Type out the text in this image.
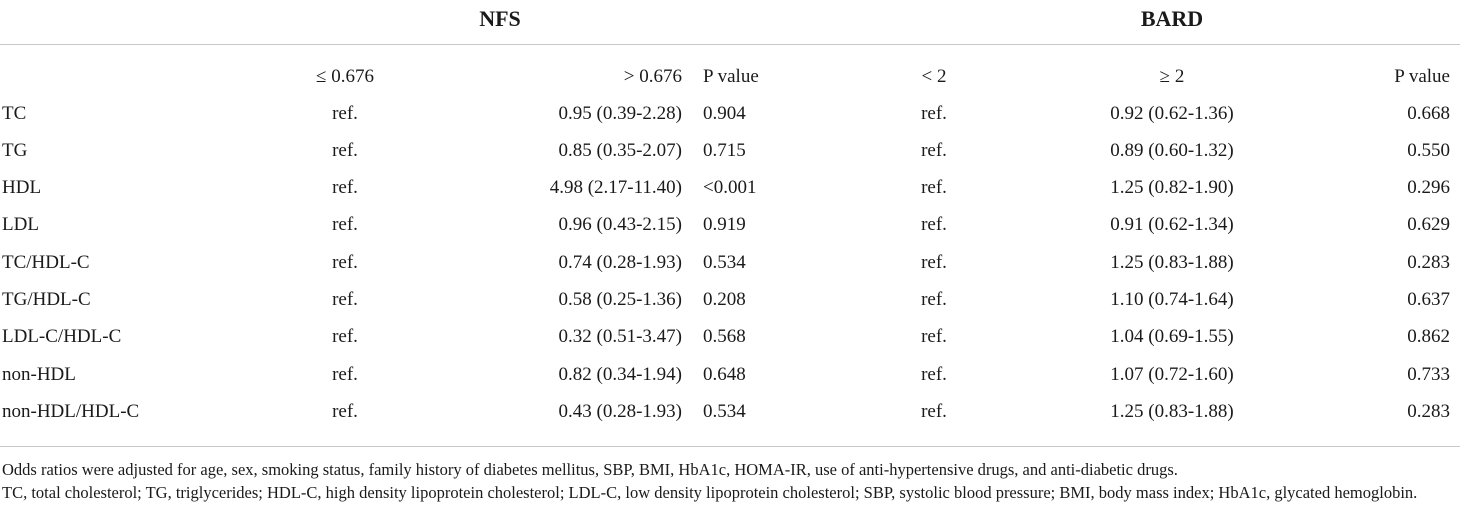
NFS	BARD
≤ 0.676	> 0.676 P value	< 2	≥ 2	P value
TC	ref.	0.95 (0.39-2.28) 0.904	ref.	0.92 (0.62-1.36)	0.668
TG	ref.	0.85 (0.35-2.07) 0.715	ref.	0.89 (0.60-1.32)	0.550
HDL	ref.	4.98 (2.17-11.40) <0.001	ref.	1.25 (0.82-1.90)	0.296
LDL	ref.	0.96 (0.43-2.15) 0.919	ref.	0.91 (0.62-1.34)	0.629
TC/HDL-C	ref.	0.74 (0.28-1.93) 0.534	ref.	1.25 (0.83-1.88)	0.283
TG/HDL-C	ref.	0.58 (0.25-1.36) 0.208	ref.	1.10 (0.74-1.64)	0.637
LDL-C/HDL-C	ref.	0.32 (0.51-3.47) 0.568	ref.	1.04 (0.69-1.55)	0.862
non-HDL	ref.	0.82 (0.34-1.94) 0.648	ref.	1.07 (0.72-1.60)	0.733
non-HDL/HDL-C	ref.	0.43 (0.28-1.93) 0.534	ref.	1.25 (0.83-1.88)	0.283

Odds ratios were adjusted for age, sex, smoking status, family history of diabetes mellitus, SBP, BMI, HbA1c, HOMA-IR, use of anti-hypertensive drugs, and anti-diabetic drugs.

TC, total cholesterol; TG, triglycerides; HDL-C, high density lipoprotein cholesterol; LDL-C, low density lipoprotein cholesterol; SBP, systolic blood pressure; BMI, body mass index; HbA1c, glycated hemoglobin.
